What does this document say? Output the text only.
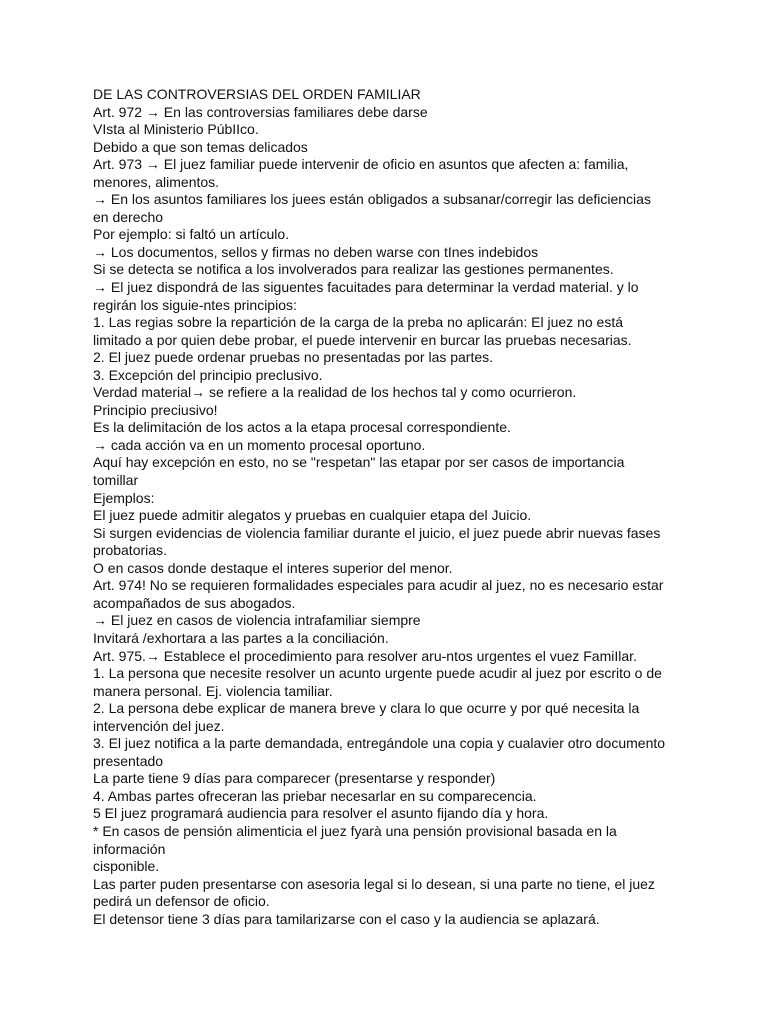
DE LAS CONTROVERSIAS DEL ORDEN FAMILIAR
Art. 972 → En las controversias familiares debe darse
VIsta al Ministerio PúbIIco.
Debido a que son temas delicados
Art. 973 → El juez familiar puede intervenir de oficio en asuntos que afecten a: familia,
menores, alimentos.
→ En los asuntos familiares los juees están obligados a subsanar/corregir las deficiencias
en derecho
Por ejemplo: si faltó un artículo.
→ Los documentos, sellos y firmas no deben warse con tInes indebidos
Si se detecta se notifica a los involverados para realizar las gestiones permanentes.
→ El juez dispondrá de las siguentes facuitades para determinar la verdad material. y lo
regirán los siguie-ntes principios:
1. Las regias sobre la repartición de la carga de la preba no aplicarán: El juez no está
limitado a por quien debe probar, el puede intervenir en burcar las pruebas necesarias.
2. El juez puede ordenar pruebas no presentadas por las partes.
3. Excepción del principio preclusivo.
Verdad material→ se refiere a la realidad de los hechos tal y como ocurrieron.
Principio preciusivo!
Es la delimitación de los actos a la etapa procesal correspondiente.
→ cada acción va en un momento procesal oportuno.
Aquí hay excepción en esto, no se "respetan" las etapar por ser casos de importancia
tomillar
Ejemplos:
El juez puede admitir alegatos y pruebas en cualquier etapa del Juicio.
Si surgen evidencias de violencia familiar durante el juicio, el juez puede abrir nuevas fases
probatorias.
O en casos donde destaque el interes superior del menor.
Art. 974! No se requieren formalidades especiales para acudir al juez, no es necesario estar
acompañados de sus abogados.
→ El juez en casos de violencia intrafamiliar siempre
Invitará /exhortara a las partes a la conciliación.
Art. 975.→ Establece el procedimiento para resolver aru-ntos urgentes el vuez FamiIlar.
1. La persona que necesite resolver un acunto urgente puede acudir al juez por escrito o de
manera personal. Ej. violencia tamiliar.
2. La persona debe explicar de manera breve y clara lo que ocurre y por qué necesita la
intervención del juez.
3. El juez notifica a la parte demandada, entregándole una copia y cualavier otro documento
presentado
La parte tiene 9 días para comparecer (presentarse y responder)
4. Ambas partes ofreceran las priebar necesarlar en su comparecencia.
5 El juez programará audiencia para resolver el asunto fijando día y hora.
* En casos de pensión alimenticia el juez fyarà una pensión provisional basada en la
información
cisponible.
Las parter puden presentarse con asesoria legal si lo desean, si una parte no tiene, el juez
pedirá un defensor de oficio.
El detensor tiene 3 días para tamilarizarse con el caso y la audiencia se aplazará.
